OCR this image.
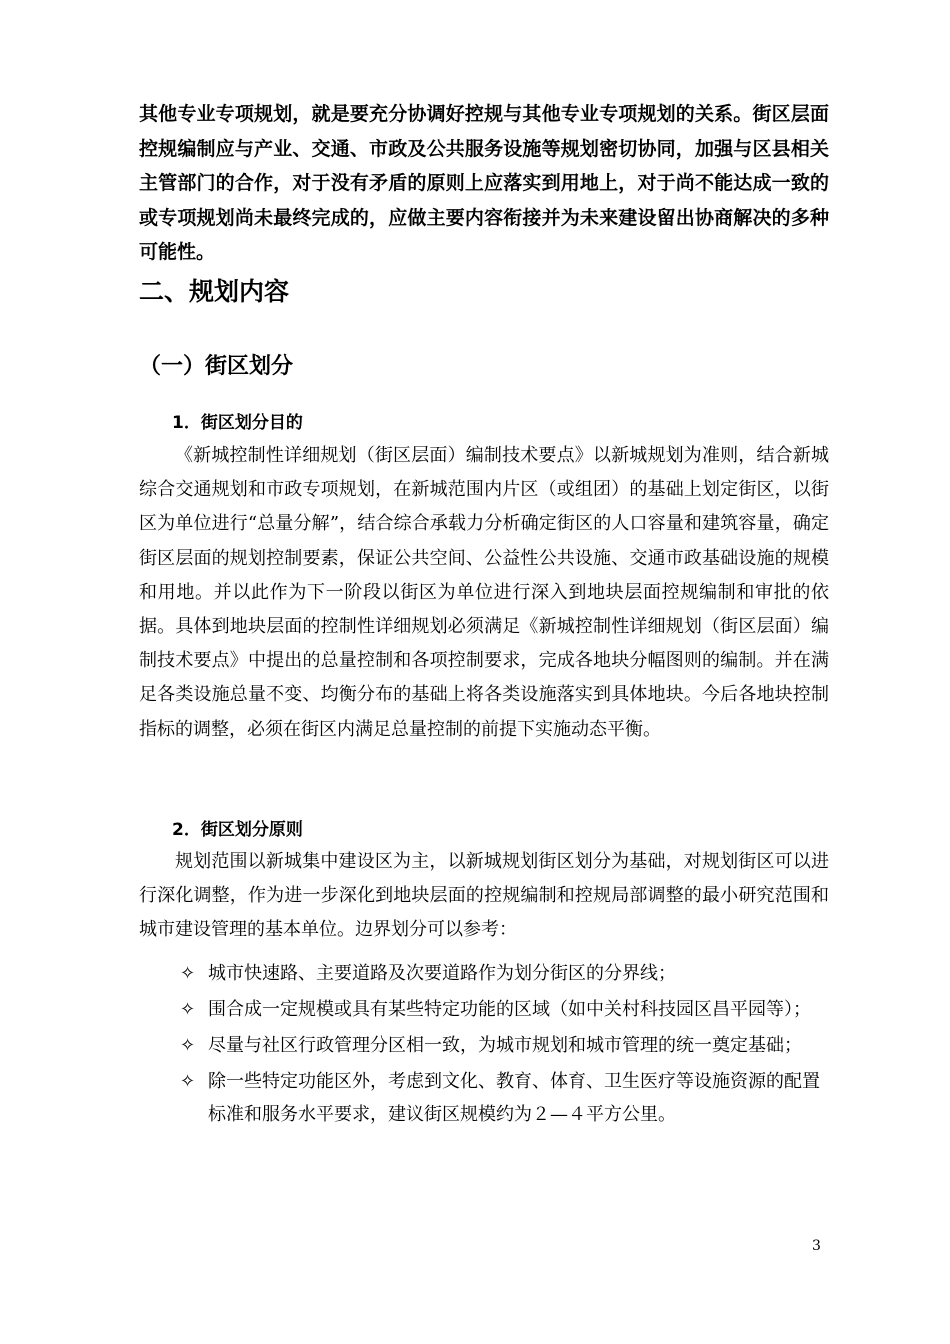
其他专业专项规划，就是要充分协调好控规与其他专业专项规划的关系。街区层面控规编制应与产业、交通、市政及公共服务设施等规划密切协同，加强与区县相关主管部门的合作，对于没有矛盾的原则上应落实到用地上，对于尚不能达成一致的或专项规划尚未最终完成的，应做主要内容衔接并为未来建设留出协商解决的多种可能性。

二、规划内容
（一）街区划分
1．街区划分目的

《新城控制性详细规划（街区层面）编制技术要点》以新城规划为准则，结合新城综合交通规划和市政专项规划，在新城范围内片区（或组团）的基础上划定街区，以街区为单位进行“总量分解”，结合综合承载力分析确定街区的人口容量和建筑容量，确定街区层面的规划控制要素，保证公共空间、公益性公共设施、交通市政基础设施的规模和用地。并以此作为下一阶段以街区为单位进行深入到地块层面控规编制和审批的依据。具体到地块层面的控制性详细规划必须满足《新城控制性详细规划（街区层面）编制技术要点》中提出的总量控制和各项控制要求，完成各地块分幅图则的编制。并在满足各类设施总量不变、均衡分布的基础上将各类设施落实到具体地块。今后各地块控制指标的调整，必须在街区内满足总量控制的前提下实施动态平衡。

2．街区划分原则

规划范围以新城集中建设区为主，以新城规划街区划分为基础，对规划街区可以进行深化调整，作为进一步深化到地块层面的控规编制和控规局部调整的最小研究范围和城市建设管理的基本单位。边界划分可以参考：

✧ 城市快速路、主要道路及次要道路作为划分街区的分界线；
✧ 围合成一定规模或具有某些特定功能的区域（如中关村科技园区昌平园等）；
✧ 尽量与社区行政管理分区相一致，为城市规划和城市管理的统一奠定基础；
✧ 除一些特定功能区外，考虑到文化、教育、体育、卫生医疗等设施资源的配置标准和服务水平要求，建议街区规模约为２—４平方公里。

3
